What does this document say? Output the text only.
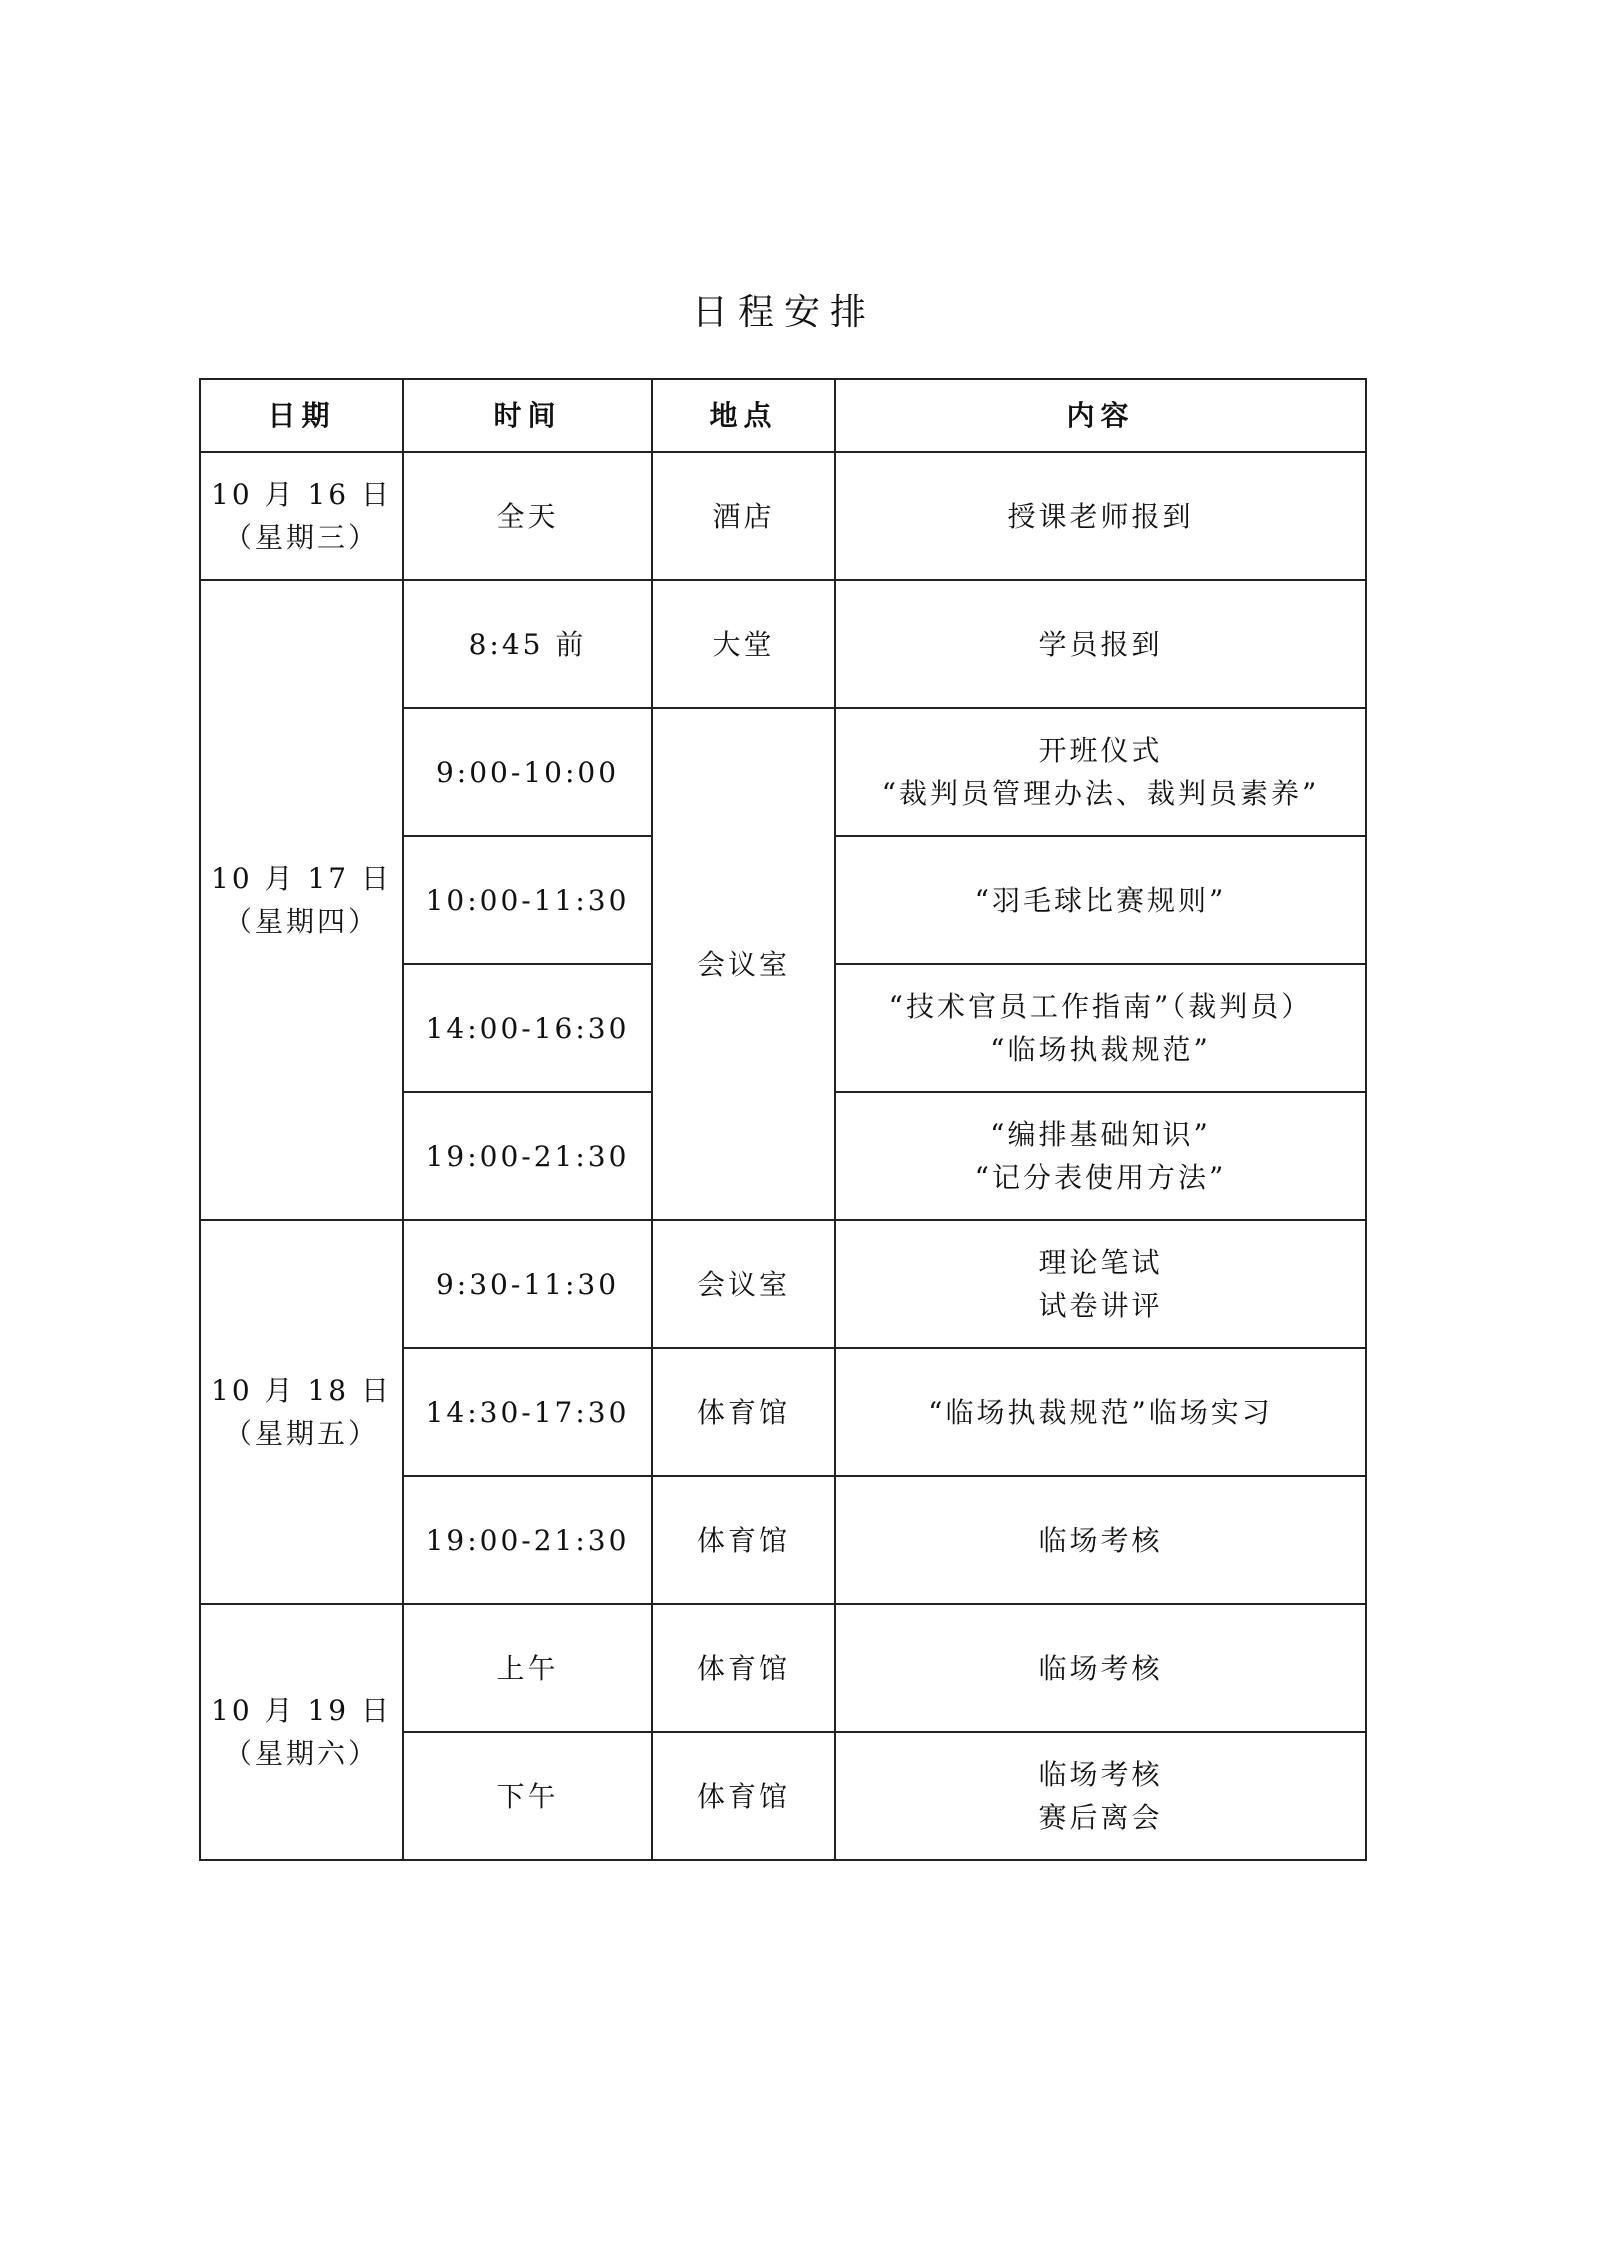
日程安排
日期	时间	地点	内容

10 月 16 日
（星期三）	全天	酒店	授课老师报到

10 月 17 日
（星期四）	8:45 前	大堂	学员报到

	9:00-10:00	会议室	开班仪式
“裁判员管理办法、裁判员素养”

	10:00-11:30		“羽毛球比赛规则”

	14:00-16:30		“技术官员工作指南”（裁判员）
“临场执裁规范”

	19:00-21:30		“编排基础知识”
“记分表使用方法”

10 月 18 日
（星期五）	9:30-11:30	会议室	理论笔试
试卷讲评

	14:30-17:30	体育馆	“临场执裁规范”临场实习

	19:00-21:30	体育馆	临场考核

10 月 19 日
（星期六）	上午	体育馆	临场考核

	下午	体育馆	临场考核
赛后离会
